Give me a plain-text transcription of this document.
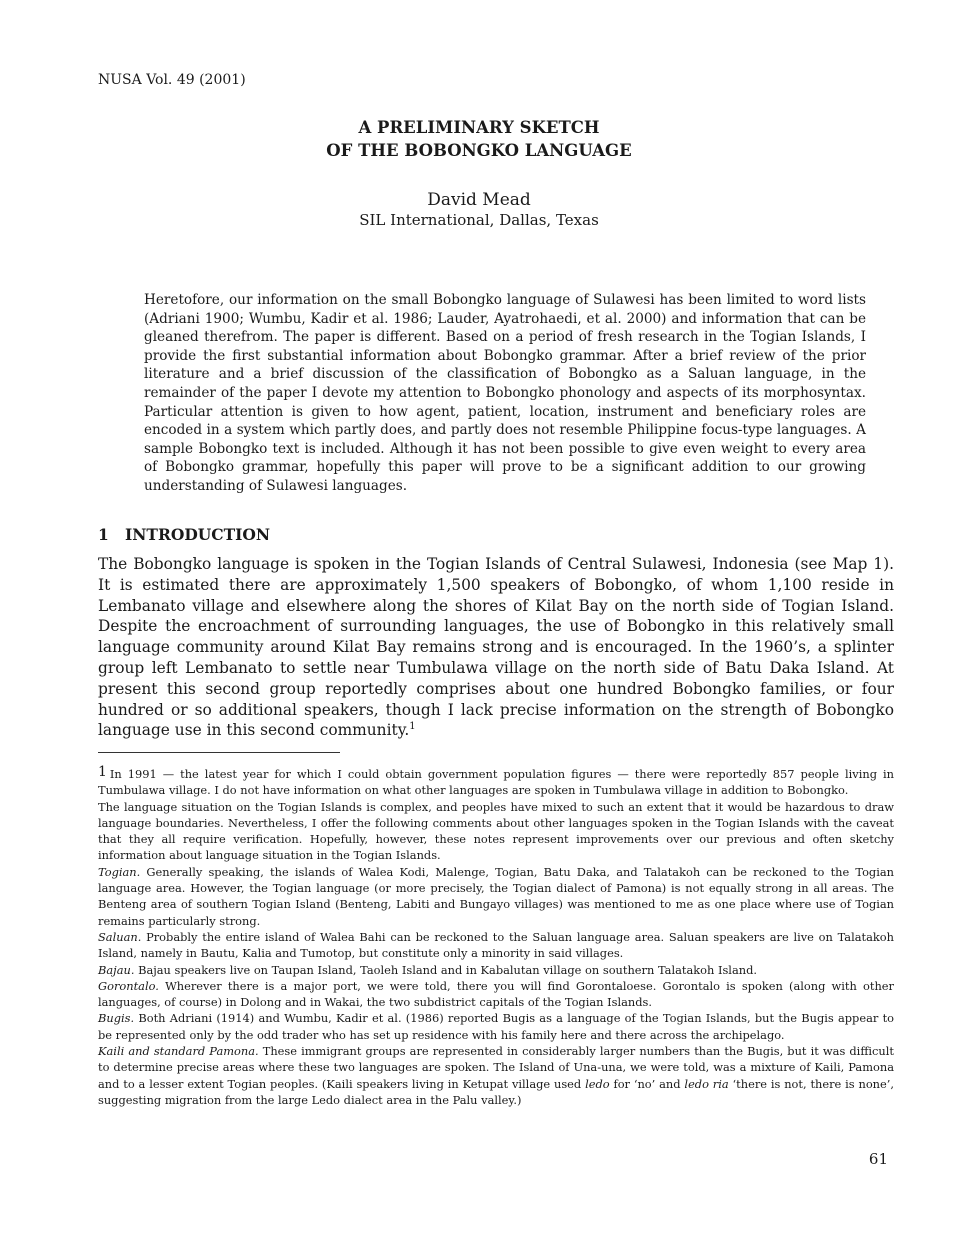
NUSA Vol. 49 (2001)
A PRELIMINARY SKETCH
OF THE BOBONGKO LANGUAGE
David Mead
SIL International, Dallas, Texas

Heretofore, our information on the small Bobongko language of Sulawesi has been limited to word lists (Adriani 1900; Wumbu, Kadir et al. 1986; Lauder, Ayatrohaedi, et al. 2000) and information that can be gleaned therefrom. The paper is different. Based on a period of fresh research in the Togian Islands, I provide the first substantial information about Bobongko grammar. After a brief review of the prior literature and a brief discussion of the classification of Bobongko as a Saluan language, in the remainder of the paper I devote my attention to Bobongko phonology and aspects of its morphosyntax. Particular attention is given to how agent, patient, location, instrument and beneficiary roles are encoded in a system which partly does, and partly does not resemble Philippine focus-type languages. A sample Bobongko text is included. Although it has not been possible to give even weight to every area of Bobongko grammar, hopefully this paper will prove to be a significant addition to our growing understanding of Sulawesi languages.

1 INTRODUCTION

The Bobongko language is spoken in the Togian Islands of Central Sulawesi, Indonesia (see Map 1). It is estimated there are approximately 1,500 speakers of Bobongko, of whom 1,100 reside in Lembanato village and elsewhere along the shores of Kilat Bay on the north side of Togian Island. Despite the encroachment of surrounding languages, the use of Bobongko in this relatively small language community around Kilat Bay remains strong and is encouraged. In the 1960’s, a splinter group left Lembanato to settle near Tumbulawa village on the north side of Batu Daka Island. At present this second group reportedly comprises about one hundred Bobongko families, or four hundred or so additional speakers, though I lack precise information on the strength of Bobongko language use in this second community.$^1$

1 In 1991 — the latest year for which I could obtain government population figures — there were reportedly 857 people living in Tumbulawa village. I do not have information on what other languages are spoken in Tumbulawa village in addition to Bobongko.

The language situation on the Togian Islands is complex, and peoples have mixed to such an extent that it would be hazardous to draw language boundaries. Nevertheless, I offer the following comments about other languages spoken in the Togian Islands with the caveat that they all require verification. Hopefully, however, these notes represent improvements over our previous and often sketchy information about language situation in the Togian Islands.

Togian. Generally speaking, the islands of Walea Kodi, Malenge, Togian, Batu Daka, and Talatakoh can be reckoned to the Togian language area. However, the Togian language (or more precisely, the Togian dialect of Pamona) is not equally strong in all areas. The Benteng area of southern Togian Island (Benteng, Labiti and Bungayo villages) was mentioned to me as one place where use of Togian remains particularly strong.

Saluan. Probably the entire island of Walea Bahi can be reckoned to the Saluan language area. Saluan speakers are live on Talatakoh Island, namely in Bautu, Kalia and Tumotop, but constitute only a minority in said villages.

Bajau. Bajau speakers live on Taupan Island, Taoleh Island and in Kabalutan village on southern Talatakoh Island.

Gorontalo. Wherever there is a major port, we were told, there you will find Gorontaloese. Gorontalo is spoken (along with other languages, of course) in Dolong and in Wakai, the two subdistrict capitals of the Togian Islands.

Bugis. Both Adriani (1914) and Wumbu, Kadir et al. (1986) reported Bugis as a language of the Togian Islands, but the Bugis appear to be represented only by the odd trader who has set up residence with his family here and there across the archipelago.

Kaili and standard Pamona. These immigrant groups are represented in considerably larger numbers than the Bugis, but it was difficult to determine precise areas where these two languages are spoken. The Island of Una-una, we were told, was a mixture of Kaili, Pamona and to a lesser extent Togian peoples. (Kaili speakers living in Ketupat village used ledo for ‘no’ and ledo ria ‘there is not, there is none’, suggesting migration from the large Ledo dialect area in the Palu valley.)

61
